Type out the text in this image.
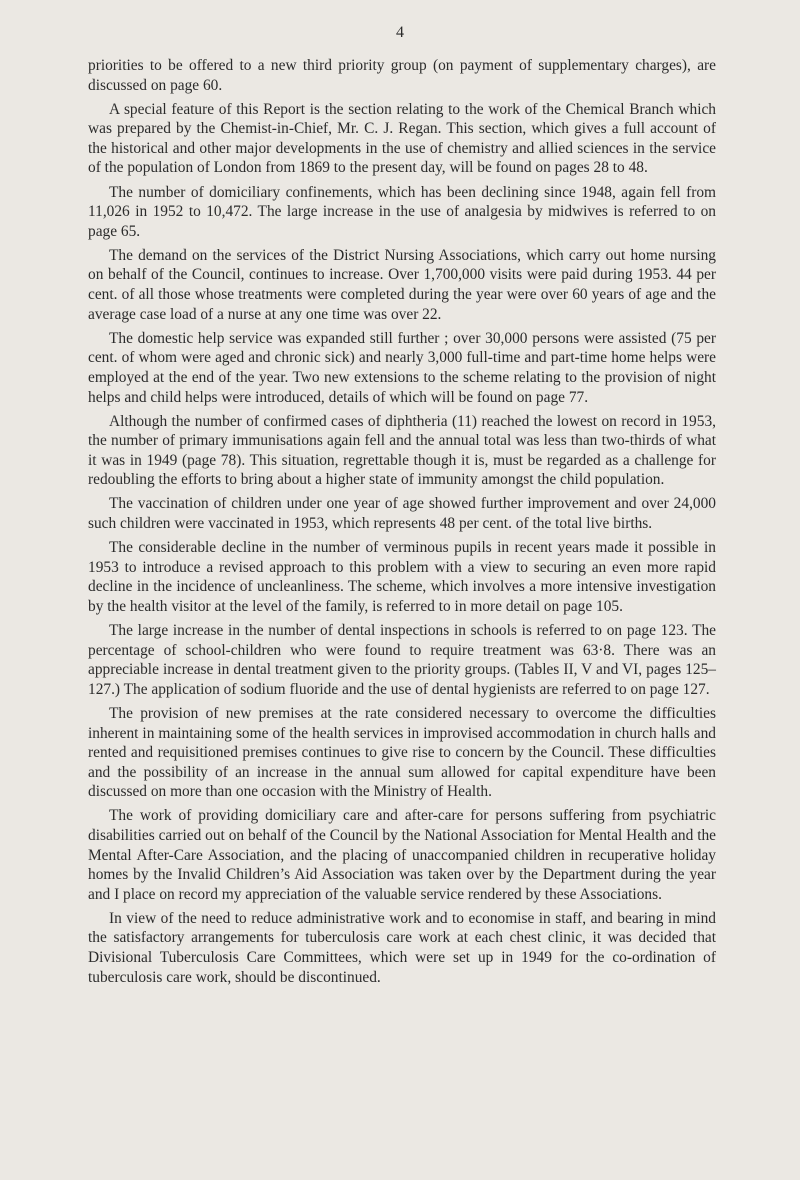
4

priorities to be offered to a new third priority group (on payment of supplementary charges), are discussed on page 60.

A special feature of this Report is the section relating to the work of the Chemical Branch which was prepared by the Chemist-in-Chief, Mr. C. J. Regan. This section, which gives a full account of the historical and other major developments in the use of chemistry and allied sciences in the service of the population of London from 1869 to the present day, will be found on pages 28 to 48.

The number of domiciliary confinements, which has been declining since 1948, again fell from 11,026 in 1952 to 10,472. The large increase in the use of analgesia by midwives is referred to on page 65.

The demand on the services of the District Nursing Associations, which carry out home nursing on behalf of the Council, continues to increase. Over 1,700,000 visits were paid during 1953. 44 per cent. of all those whose treatments were completed during the year were over 60 years of age and the average case load of a nurse at any one time was over 22.

The domestic help service was expanded still further ; over 30,000 persons were assisted (75 per cent. of whom were aged and chronic sick) and nearly 3,000 full-time and part-time home helps were employed at the end of the year. Two new extensions to the scheme relating to the provision of night helps and child helps were introduced, details of which will be found on page 77.

Although the number of confirmed cases of diphtheria (11) reached the lowest on record in 1953, the number of primary immunisations again fell and the annual total was less than two-thirds of what it was in 1949 (page 78). This situation, regrettable though it is, must be regarded as a challenge for redoubling the efforts to bring about a higher state of immunity amongst the child population.

The vaccination of children under one year of age showed further improvement and over 24,000 such children were vaccinated in 1953, which represents 48 per cent. of the total live births.

The considerable decline in the number of verminous pupils in recent years made it possible in 1953 to introduce a revised approach to this problem with a view to securing an even more rapid decline in the incidence of uncleanliness. The scheme, which involves a more intensive investigation by the health visitor at the level of the family, is referred to in more detail on page 105.

The large increase in the number of dental inspections in schools is referred to on page 123. The percentage of school-children who were found to require treatment was 63·8. There was an appreciable increase in dental treatment given to the priority groups. (Tables II, V and VI, pages 125–127.) The application of sodium fluoride and the use of dental hygienists are referred to on page 127.

The provision of new premises at the rate considered necessary to overcome the difficulties inherent in maintaining some of the health services in improvised accommodation in church halls and rented and requisitioned premises continues to give rise to concern by the Council. These difficulties and the possibility of an increase in the annual sum allowed for capital expenditure have been discussed on more than one occasion with the Ministry of Health.

The work of providing domiciliary care and after-care for persons suffering from psychiatric disabilities carried out on behalf of the Council by the National Association for Mental Health and the Mental After-Care Association, and the placing of unaccompanied children in recuperative holiday homes by the Invalid Children’s Aid Association was taken over by the Department during the year and I place on record my appreciation of the valuable service rendered by these Associations.

In view of the need to reduce administrative work and to economise in staff, and bearing in mind the satisfactory arrangements for tuberculosis care work at each chest clinic, it was decided that Divisional Tuberculosis Care Committees, which were set up in 1949 for the co-ordination of tuberculosis care work, should be discontinued.
